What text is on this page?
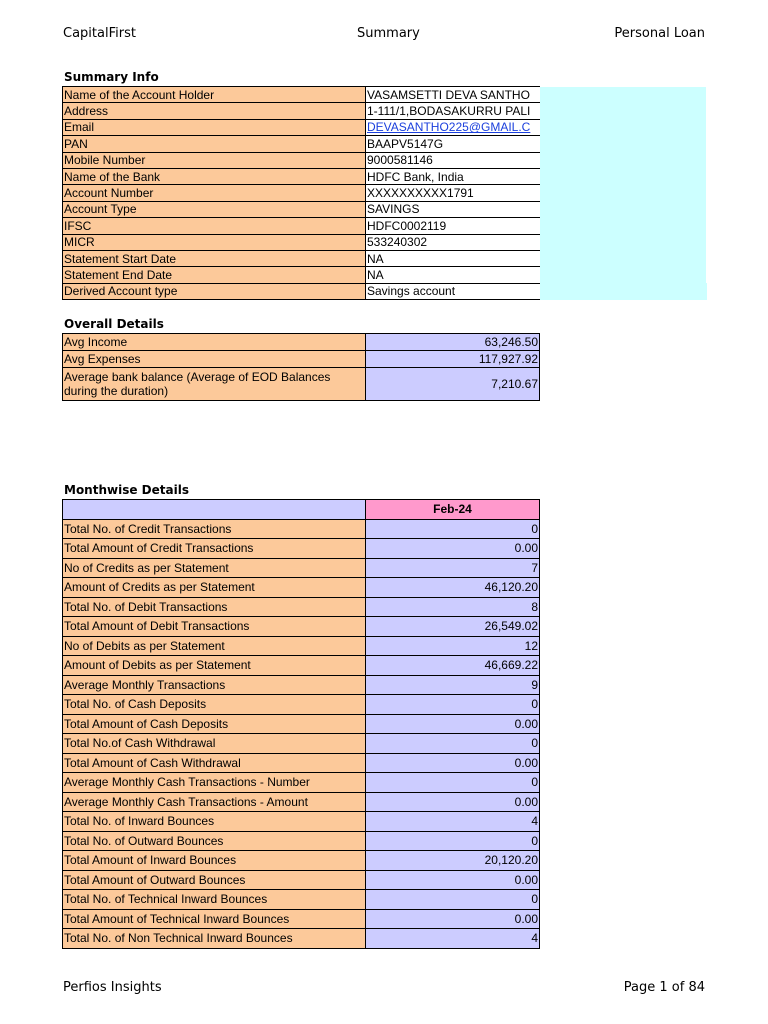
CapitalFirst	Summary	Personal Loan
Summary Info
Name of the Account Holder	VASAMSETTI DEVA SANTHO	
Address	1-111/1,BODASAKURRU PALI	
Email	DEVASANTHO225@GMAIL.C	
PAN	BAAPV5147G	
Mobile Number	9000581146	
Name of the Bank	HDFC Bank, India	
Account Number	XXXXXXXXXX1791	
Account Type	SAVINGS	
IFSC	HDFC0002119	
MICR	533240302	
Statement Start Date	NA	
Statement End Date	NA	
Derived Account type	Savings account	
Overall Details
Avg Income	63,246.50
Avg Expenses	117,927.92
Average bank balance (Average of EOD Balances during the duration)	7,210.67
Monthwise Details
	Feb-24
Total No. of Credit Transactions	0
Total Amount of Credit Transactions	0.00
No of Credits as per Statement	7
Amount of Credits as per Statement	46,120.20
Total No. of Debit Transactions	8
Total Amount of Debit Transactions	26,549.02
No of Debits as per Statement	12
Amount of Debits as per Statement	46,669.22
Average Monthly Transactions	9
Total No. of Cash Deposits	0
Total Amount of Cash Deposits	0.00
Total No.of Cash Withdrawal	0
Total Amount of Cash Withdrawal	0.00
Average Monthly Cash Transactions - Number	0
Average Monthly Cash Transactions - Amount	0.00
Total No. of Inward Bounces	4
Total No. of Outward Bounces	0
Total Amount of Inward Bounces	20,120.20
Total Amount of Outward Bounces	0.00
Total No. of Technical Inward Bounces	0
Total Amount of Technical Inward Bounces	0.00
Total No. of Non Technical Inward Bounces	4
Perfios Insights	Page 1 of 84
